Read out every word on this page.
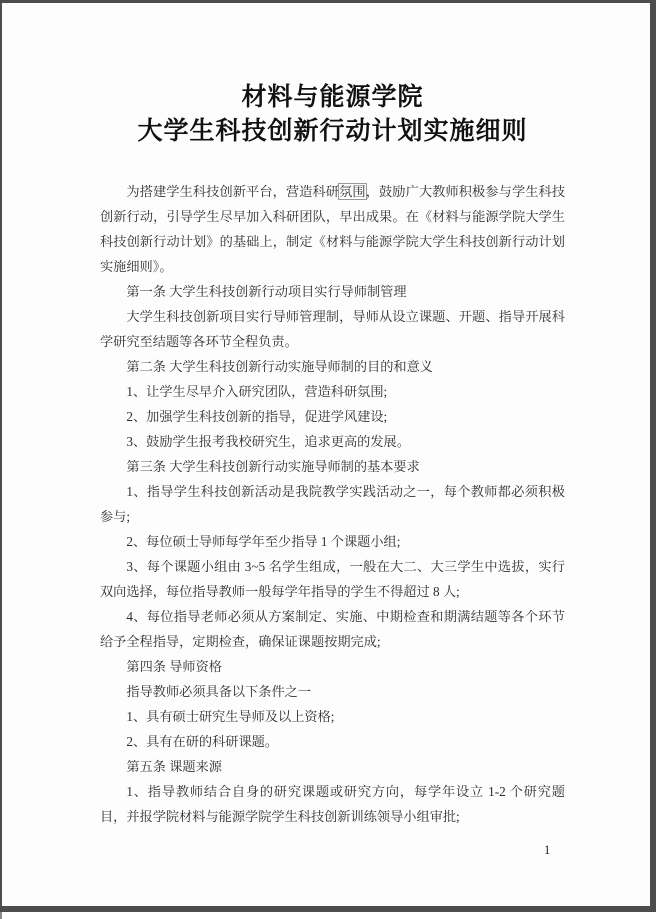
材料与能源学院
大学生科技创新行动计划实施细则

为搭建学生科技创新平台，营造科研氛围，鼓励广大教师积极参与学生科技创新行动，引导学生尽早加入科研团队，早出成果。在《材料与能源学院大学生科技创新行动计划》的基础上，制定《材料与能源学院大学生科技创新行动计划实施细则》。

第一条 大学生科技创新行动项目实行导师制管理

大学生科技创新项目实行导师管理制，导师从设立课题、开题、指导开展科学研究至结题等各环节全程负责。

第二条 大学生科技创新行动实施导师制的目的和意义

1、让学生尽早介入研究团队，营造科研氛围;

2、加强学生科技创新的指导，促进学风建设;

3、鼓励学生报考我校研究生，追求更高的发展。

第三条 大学生科技创新行动实施导师制的基本要求

1、指导学生科技创新活动是我院教学实践活动之一，每个教师都必须积极参与;

2、每位硕士导师每学年至少指导 1 个课题小组;

3、每个课题小组由 3~5 名学生组成，一般在大二、大三学生中选拔，实行双向选择，每位指导教师一般每学年指导的学生不得超过 8 人;

4、每位指导老师必须从方案制定、实施、中期检查和期满结题等各个环节给予全程指导，定期检查，确保证课题按期完成;

第四条 导师资格

指导教师必须具备以下条件之一

1、具有硕士研究生导师及以上资格;

2、具有在研的科研课题。

第五条 课题来源

1、指导教师结合自身的研究课题或研究方向，每学年设立 1-2 个研究题目，并报学院材料与能源学院学生科技创新训练领导小组审批;

1
